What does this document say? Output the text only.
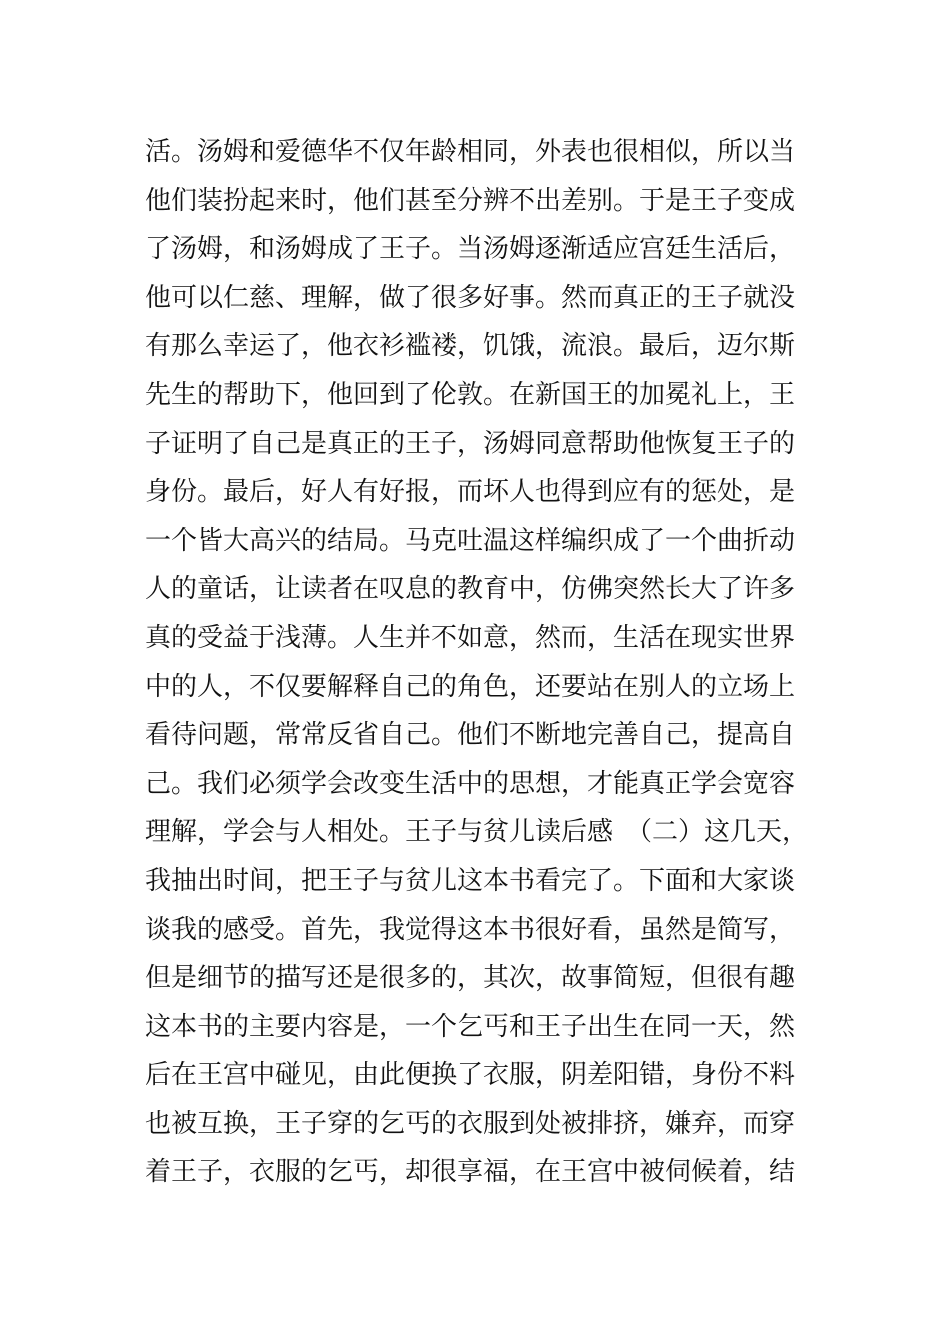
活。汤姆和爱德华不仅年龄相同，外表也很相似，所以当
他们装扮起来时，他们甚至分辨不出差别。于是王子变成
了汤姆，和汤姆成了王子。当汤姆逐渐适应宫廷生活后，
他可以仁慈、理解，做了很多好事。然而真正的王子就没
有那么幸运了，他衣衫褴褛，饥饿，流浪。最后，迈尔斯
先生的帮助下，他回到了伦敦。在新国王的加冕礼上，王
子证明了自己是真正的王子，汤姆同意帮助他恢复王子的
身份。最后，好人有好报，而坏人也得到应有的惩处，是
一个皆大高兴的结局。马克吐温这样编织成了一个曲折动
人的童话，让读者在叹息的教育中，仿佛突然长大了许多
真的受益于浅薄。人生并不如意，然而，生活在现实世界
中的人，不仅要解释自己的角色，还要站在别人的立场上
看待问题，常常反省自己。他们不断地完善自己，提高自
己。我们必须学会改变生活中的思想，才能真正学会宽容
理解，学会与人相处。王子与贫儿读后感　（二）这几天，
我抽出时间，把王子与贫儿这本书看完了。下面和大家谈
谈我的感受。首先，我觉得这本书很好看，虽然是简写，
但是细节的描写还是很多的，其次，故事简短，但很有趣
这本书的主要内容是，一个乞丐和王子出生在同一天，然
后在王宫中碰见，由此便换了衣服，阴差阳错，身份不料
也被互换，王子穿的乞丐的衣服到处被排挤，嫌弃，而穿
着王子，衣服的乞丐，却很享福，在王宫中被伺候着，结
